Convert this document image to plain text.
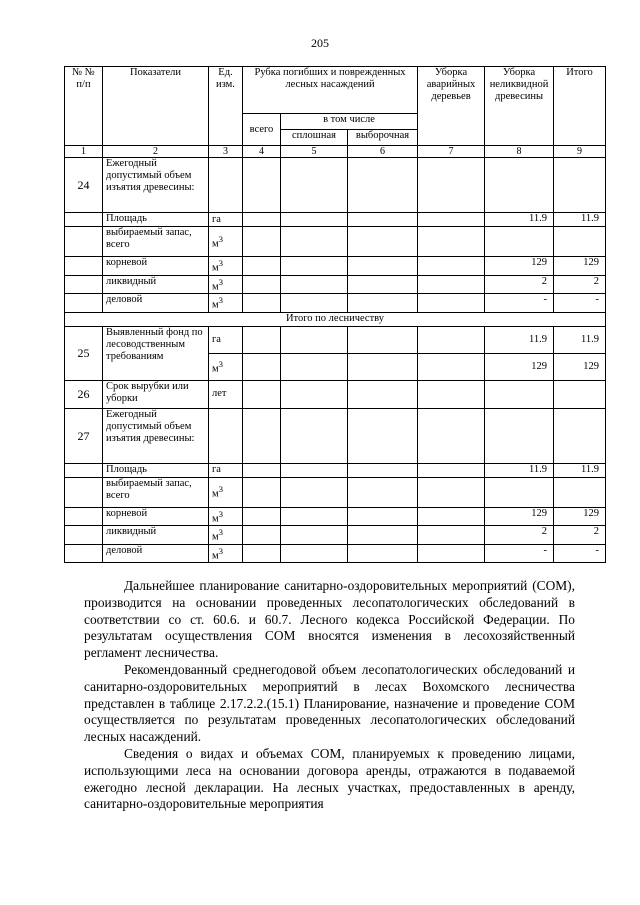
205
№ № п/п	Показатели	Ед. изм.	Рубка погибших и поврежденных лесных насаждений			Уборка аварийных деревьев	Уборка неликвидной древесины	Итого
			всего	в том числе				
				сплошная	выборочная			
1	2	3	4	5	6	7	8	9
24	Ежегодный допустимый объем изъятия древесины:							
	Площадь	га					11.9	11.9
	выбираемый запас, всего	$м^3$						
	корневой	$м^3$					129	129
	ликвидный	$м^3$					2	2
	деловой	$м^3$					-	-
Итого по лесничеству								
25	Выявленный фонд по лесоводственным требованиям	га					11.9	11.9
		$м^3$					129	129
26	Срок вырубки или уборки	лет						
27	Ежегодный допустимый объем изъятия древесины:							
	Площадь	га					11.9	11.9
	выбираемый запас, всего	$м^3$						
	корневой	$м^3$					129	129
	ликвидный	$м^3$					2	2
	деловой	$м^3$					-	-

Дальнейшее планирование санитарно-оздоровительных мероприятий (СОМ), производится на основании проведенных лесопатологических обследований в соответствии со ст. 60.6. и 60.7. Лесного кодекса Российской Федерации. По результатам осуществления СОМ вносятся изменения в лесохозяйственный регламент лесничества.

Рекомендованный среднегодовой объем лесопатологических обследований и санитарно-оздоровительных мероприятий в лесах Вохомского лесничества представлен в таблице 2.17.2.2.(15.1) Планирование, назначение и проведение СОМ осуществляется по результатам проведенных лесопатологических обследований лесных насаждений.

Сведения о видах и объемах СОМ, планируемых к проведению лицами, использующими леса на основании договора аренды, отражаются в подаваемой ежегодно лесной декларации. На лесных участках, предоставленных в аренду, санитарно-оздоровительные мероприятия
